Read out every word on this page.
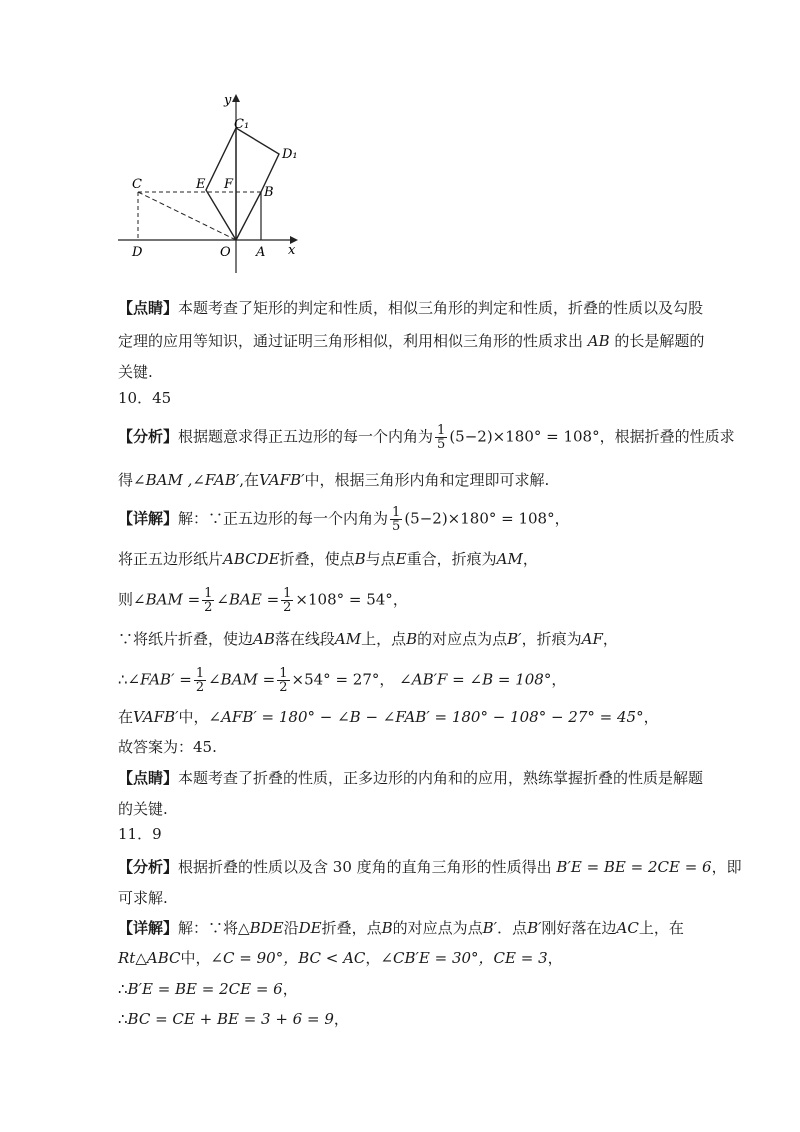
y
x
C₁
D₁
C	E F
B
D	O A
【点睛】本题考查了矩形的判定和性质，相似三角形的判定和性质，折叠的性质以及勾股
定理的应用等知识，通过证明三角形相似，利用相似三角形的性质求出 AB 的长是解题的
关键.
10．45
【分析】根据题意求得正五边形的每一个内角为 $\frac{1}{5} (5-2)\times 180^\circ = 108^\circ$，根据折叠的性质求
得∠BAM ,∠FAB′,在VAFB′中，根据三角形内角和定理即可求解.
【详解】解：∵正五边形的每一个内角为 $\frac{1}{5} (5-2)\times 180^\circ = 108^\circ$，
将正五边形纸片ABCDE折叠，使点B与点E重合，折痕为AM，
则∠BAM = $\frac{1}{2}$ ∠BAE = $\frac{1}{2} \times 108^\circ = 54^\circ$，
∵将纸片折叠，使边AB落在线段AM上，点B的对应点为点B′，折痕为AF，
∴∠FAB′ = $\frac{1}{2}$ ∠BAM = $\frac{1}{2} \times 54^\circ = 27^\circ$， ∠AB′F = ∠B = 108°，
在VAFB′中，∠AFB′ = 180° − ∠B − ∠FAB′ = 180° − 108° − 27° = 45°，
故答案为：45.
【点睛】本题考查了折叠的性质，正多边形的内角和的应用，熟练掌握折叠的性质是解题
的关键.
11．9
【分析】根据折叠的性质以及含 30 度角的直角三角形的性质得出 B′E = BE = 2CE = 6，即
可求解.
【详解】解：∵将△BDE沿DE折叠，点B的对应点为点B′．点B′刚好落在边AC上，在
Rt△ABC中，∠C = 90°，BC < AC，∠CB′E = 30°，CE = 3，
∴B′E = BE = 2CE = 6，
∴BC = CE + BE = 3 + 6 = 9，
